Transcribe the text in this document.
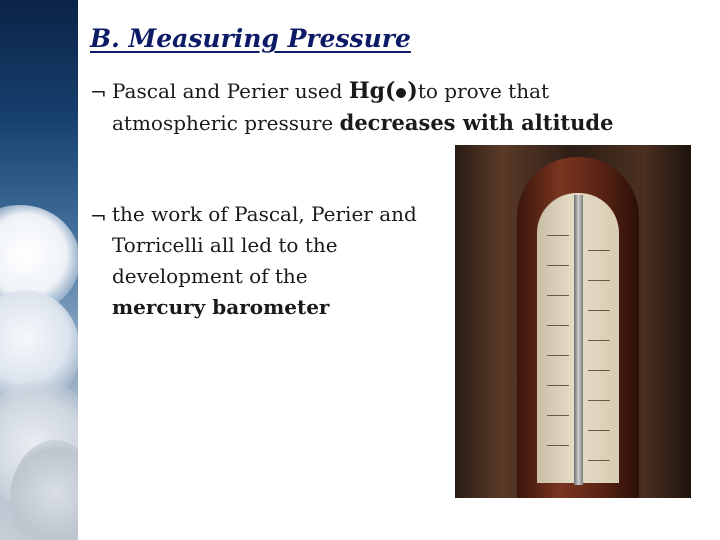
B. Measuring Pressure
¬ Pascal and Perier used Hg( )to prove that
atmospheric pressure decreases with altitude
¬ the work of Pascal, Perier and
Torricelli all led to the
development of the
mercury barometer
